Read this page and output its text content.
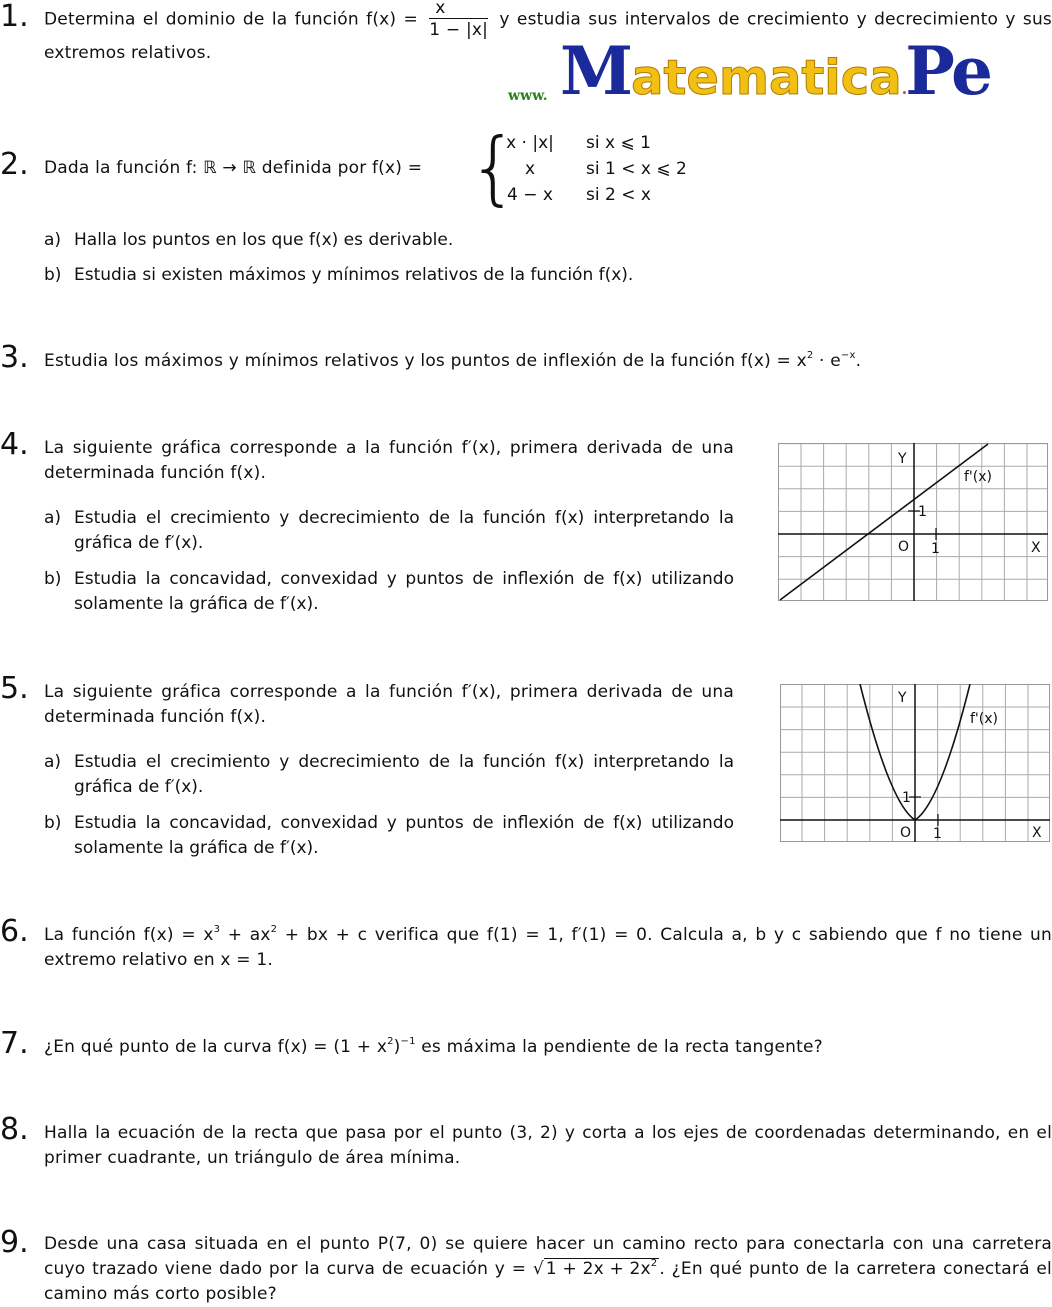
1. Determina el dominio de la función $f(x) = \frac{x}{1 - |x|}$ y estudia sus intervalos de crecimiento y decrecimiento y sus extremos relativos.
www. Matematica.Pe
2. Dada la función f: ℝ → ℝ definida por f(x) = {
x · |x|
x
4 − x
si x ⩽ 1
si 1 < x ⩽ 2
si 2 < x
a) Halla los puntos en los que f(x) es derivable.
b) Estudia si existen máximos y mínimos relativos de la función f(x).
3. Estudia los máximos y mínimos relativos y los puntos de inflexión de la función $f(x) = x^2 \cdot e^{-x}$.
4. La siguiente gráfica corresponde a la función f′(x), primera derivada de una determinada función f(x).
a) Estudia el crecimiento y decrecimiento de la función f(x) interpretando la gráfica de f′(x).
b) Estudia la concavidad, convexidad y puntos de inflexión de f(x) utilizando solamente la gráfica de f′(x).
Y
f'(x)
1
O 1	X
5. La siguiente gráfica corresponde a la función f′(x), primera derivada de una determinada función f(x).
a) Estudia el crecimiento y decrecimiento de la función f(x) interpretando la gráfica de f′(x).
b) Estudia la concavidad, convexidad y puntos de inflexión de f(x) utilizando solamente la gráfica de f′(x).
Y
f'(x)
1
O 1	X
6. La función $f(x) = x^3 + ax^2$ + bx + c verifica que f(1) = 1, f′(1) = 0. Calcula a, b y c sabiendo que f no tiene un extremo relativo en x = 1.
7. ¿En qué punto de la curva $f(x) = (1 + x^2)^{-1}$ es máxima la pendiente de la recta tangente?
8. Halla la ecuación de la recta que pasa por el punto (3, 2) y corta a los ejes de coordenadas determinando, en el primer cuadrante, un triángulo de área mínima.
9. Desde una casa situada en el punto P(7, 0) se quiere hacer un camino recto para conectarla con una carretera cuyo trazado viene dado por la curva de ecuación y = √ $1 + 2x + 2x^2$ . ¿En qué punto de la carretera conectará el camino más corto posible?
